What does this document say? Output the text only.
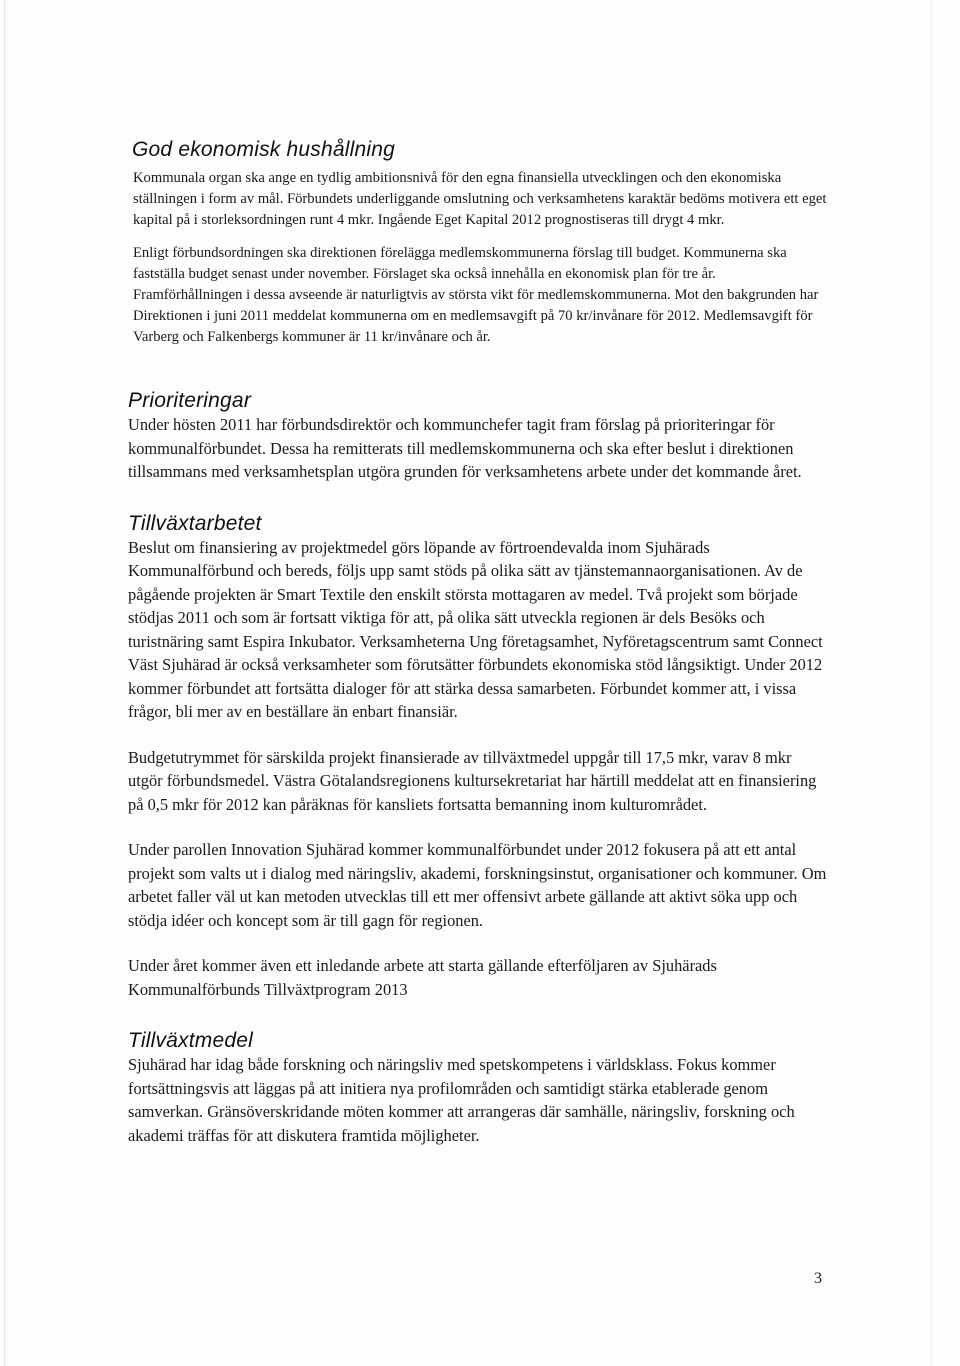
God ekonomisk hushållning

Kommunala organ ska ange en tydlig ambitionsnivå för den egna finansiella utvecklingen och den ekonomiska ställningen i form av mål. Förbundets underliggande omslutning och verksamhetens karaktär bedöms motivera ett eget kapital på i storleksordningen runt 4 mkr. Ingående Eget Kapital 2012 prognostiseras till drygt 4 mkr.

Enligt förbundsordningen ska direktionen förelägga medlemskommunerna förslag till budget. Kommunerna ska fastställa budget senast under november. Förslaget ska också innehålla en ekonomisk plan för tre år. Framförhållningen i dessa avseende är naturligtvis av största vikt för medlemskommunerna. Mot den bakgrunden har Direktionen i juni 2011 meddelat kommunerna om en medlemsavgift på 70 kr/invånare för 2012. Medlemsavgift för Varberg och Falkenbergs kommuner är 11 kr/invånare och år.

Prioriteringar

Under hösten 2011 har förbundsdirektör och kommunchefer tagit fram förslag på prioriteringar för kommunalförbundet. Dessa ha remitterats till medlemskommunerna och ska efter beslut i direktionen tillsammans med verksamhetsplan utgöra grunden för verksamhetens arbete under det kommande året.

Tillväxtarbetet

Beslut om finansiering av projektmedel görs löpande av förtroendevalda inom Sjuhärads Kommunalförbund och bereds, följs upp samt stöds på olika sätt av tjänstemannaorganisationen. Av de pågående projekten är Smart Textile den enskilt största mottagaren av medel. Två projekt som började stödjas 2011 och som är fortsatt viktiga för att, på olika sätt utveckla regionen är dels Besöks och turistnäring samt Espira Inkubator. Verksamheterna Ung företagsamhet, Nyföretagscentrum samt Connect Väst Sjuhärad är också verksamheter som förutsätter förbundets ekonomiska stöd långsiktigt. Under 2012 kommer förbundet att fortsätta dialoger för att stärka dessa samarbeten. Förbundet kommer att, i vissa frågor, bli mer av en beställare än enbart finansiär.

Budgetutrymmet för särskilda projekt finansierade av tillväxtmedel uppgår till 17,5 mkr, varav 8 mkr utgör förbundsmedel. Västra Götalandsregionens kultursekretariat har härtill meddelat att en finansiering på 0,5 mkr för 2012 kan påräknas för kansliets fortsatta bemanning inom kulturområdet.

Under parollen Innovation Sjuhärad kommer kommunalförbundet under 2012 fokusera på att ett antal projekt som valts ut i dialog med näringsliv, akademi, forskningsinstut, organisationer och kommuner. Om arbetet faller väl ut kan metoden utvecklas till ett mer offensivt arbete gällande att aktivt söka upp och stödja idéer och koncept som är till gagn för regionen.

Under året kommer även ett inledande arbete att starta gällande efterföljaren av Sjuhärads Kommunalförbunds Tillväxtprogram 2013

Tillväxtmedel

Sjuhärad har idag både forskning och näringsliv med spetskompetens i världsklass. Fokus kommer fortsättningsvis att läggas på att initiera nya profilområden och samtidigt stärka etablerade genom samverkan. Gränsöverskridande möten kommer att arrangeras där samhälle, näringsliv, forskning och akademi träffas för att diskutera framtida möjligheter.

3
